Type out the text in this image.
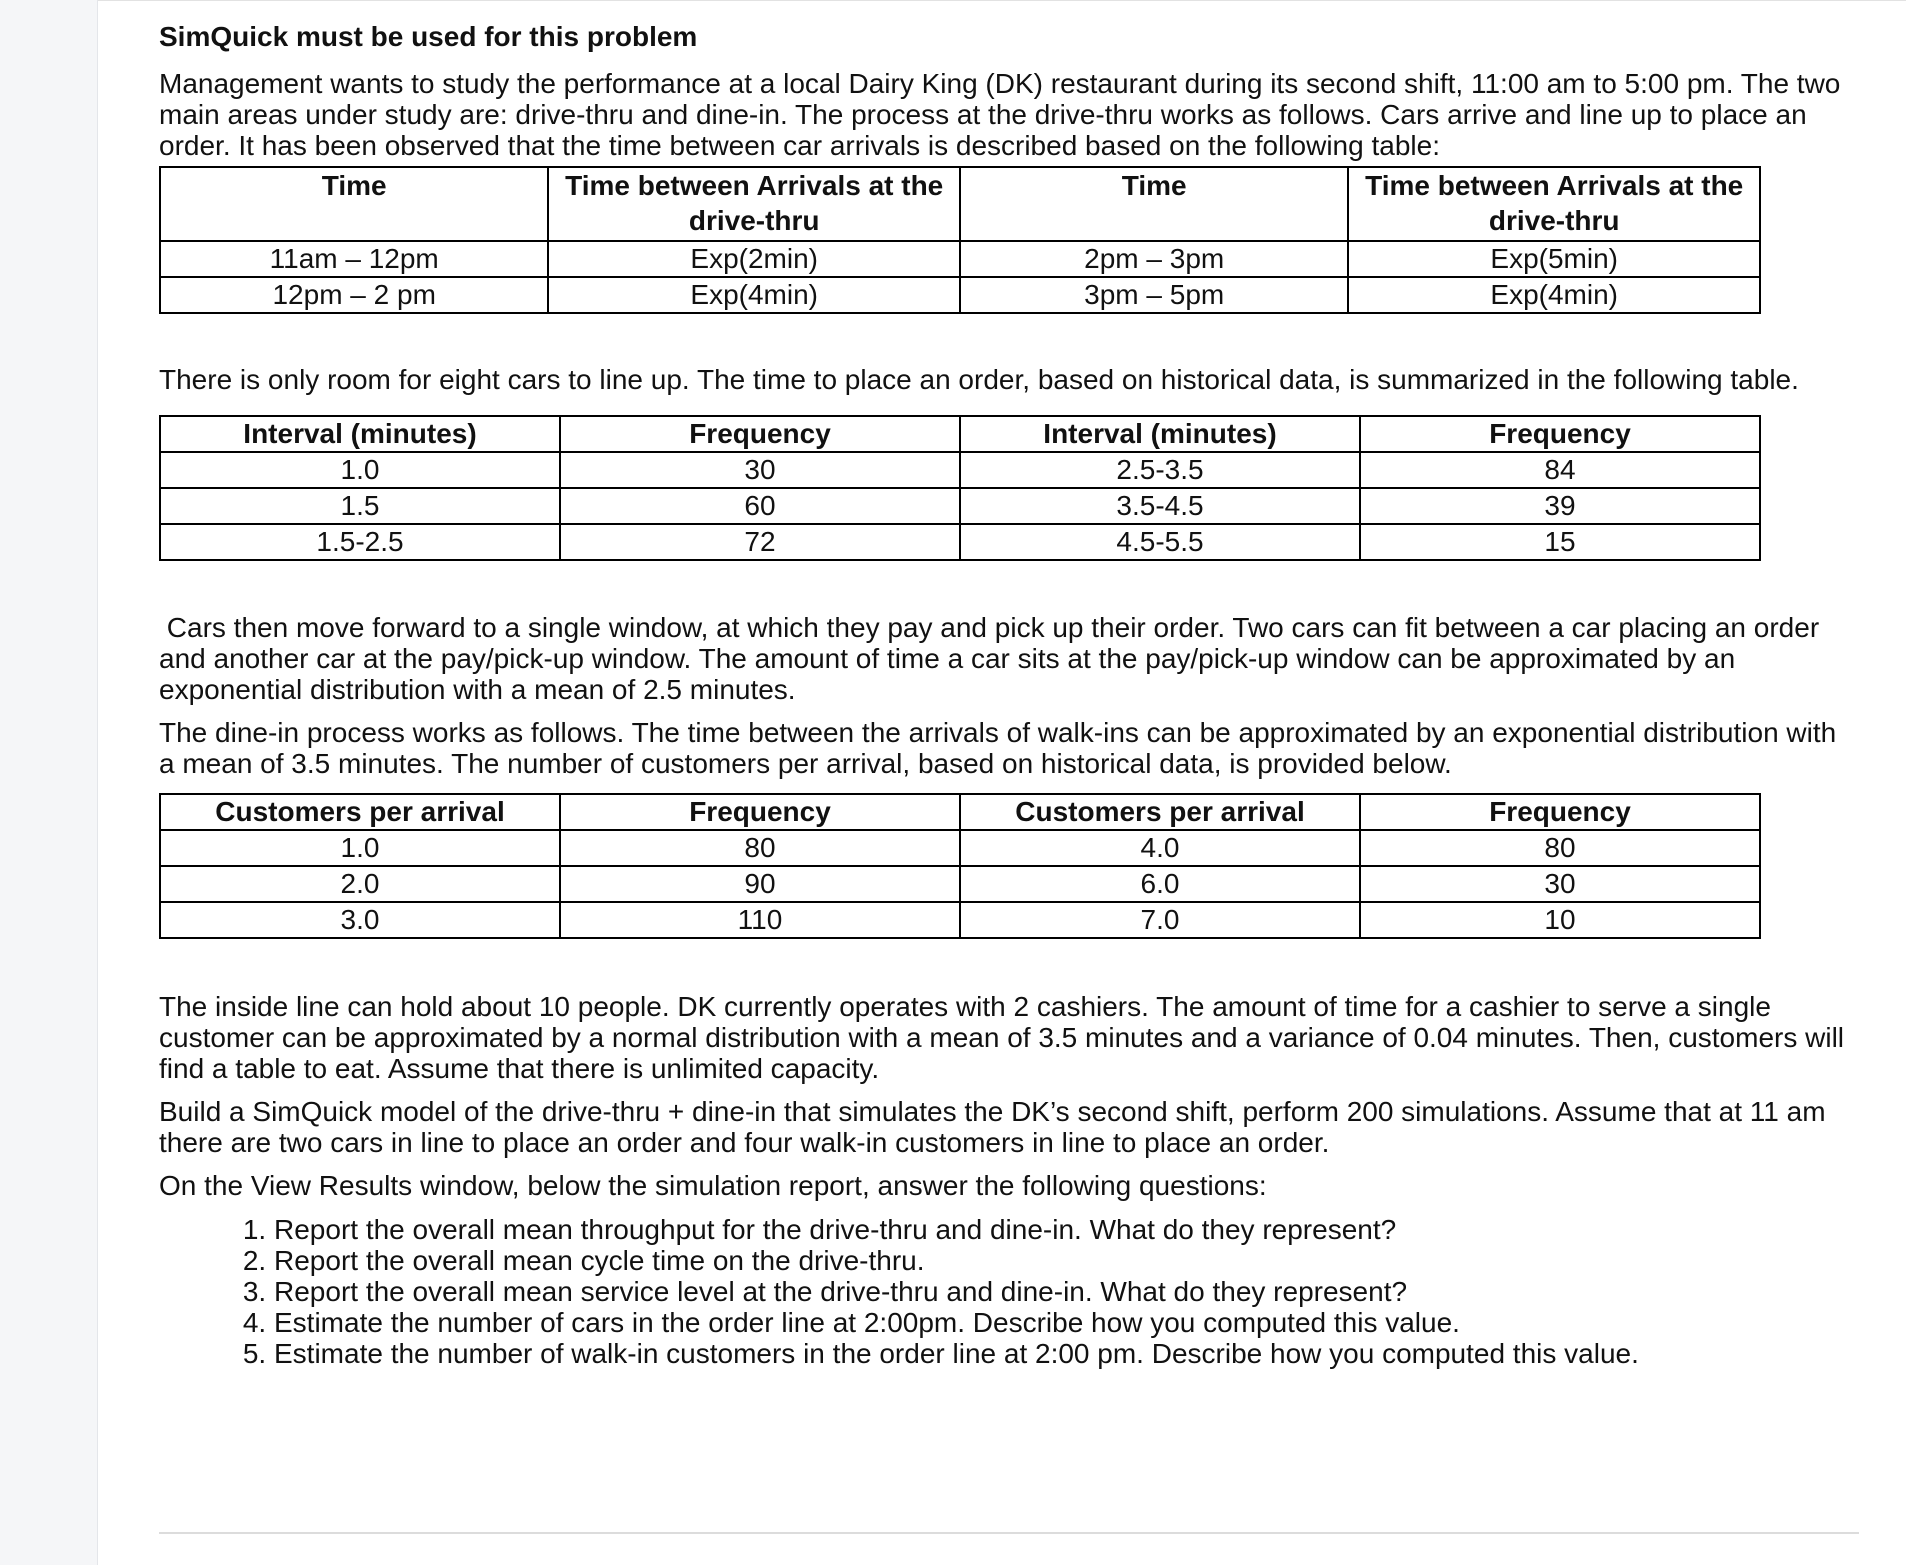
SimQuick must be used for this problem

Management wants to study the performance at a local Dairy King (DK) restaurant during its second shift, 11:00 am to 5:00 pm. The two main areas under study are: drive-thru and dine-in. The process at the drive-thru works as follows. Cars arrive and line up to place an order. It has been observed that the time between car arrivals is described based on the following table:

Time	Time between Arrivals at the drive-thru	Time	Time between Arrivals at the drive-thru
11am – 12pm	Exp(2min)	2pm – 3pm	Exp(5min)
12pm – 2 pm	Exp(4min)	3pm – 5pm	Exp(4min)

There is only room for eight cars to line up. The time to place an order, based on historical data, is summarized in the following table.

Interval (minutes)	Frequency	Interval (minutes)	Frequency
1.0	30	2.5-3.5	84
1.5	60	3.5-4.5	39
1.5-2.5	72	4.5-5.5	15

Cars then move forward to a single window, at which they pay and pick up their order. Two cars can fit between a car placing an order and another car at the pay/pick-up window. The amount of time a car sits at the pay/pick-up window can be approximated by an exponential distribution with a mean of 2.5 minutes.

The dine-in process works as follows. The time between the arrivals of walk-ins can be approximated by an exponential distribution with a mean of 3.5 minutes. The number of customers per arrival, based on historical data, is provided below.

Customers per arrival	Frequency	Customers per arrival	Frequency
1.0	80	4.0	80
2.0	90	6.0	30
3.0	110	7.0	10

The inside line can hold about 10 people. DK currently operates with 2 cashiers. The amount of time for a cashier to serve a single customer can be approximated by a normal distribution with a mean of 3.5 minutes and a variance of 0.04 minutes. Then, customers will find a table to eat. Assume that there is unlimited capacity.

Build a SimQuick model of the drive-thru + dine-in that simulates the DK’s second shift, perform 200 simulations. Assume that at 11 am there are two cars in line to place an order and four walk-in customers in line to place an order.

On the View Results window, below the simulation report, answer the following questions:

1. Report the overall mean throughput for the drive-thru and dine-in. What do they represent?
2. Report the overall mean cycle time on the drive-thru.
3. Report the overall mean service level at the drive-thru and dine-in. What do they represent?
4. Estimate the number of cars in the order line at 2:00pm. Describe how you computed this value.
5. Estimate the number of walk-in customers in the order line at 2:00 pm. Describe how you computed this value.
